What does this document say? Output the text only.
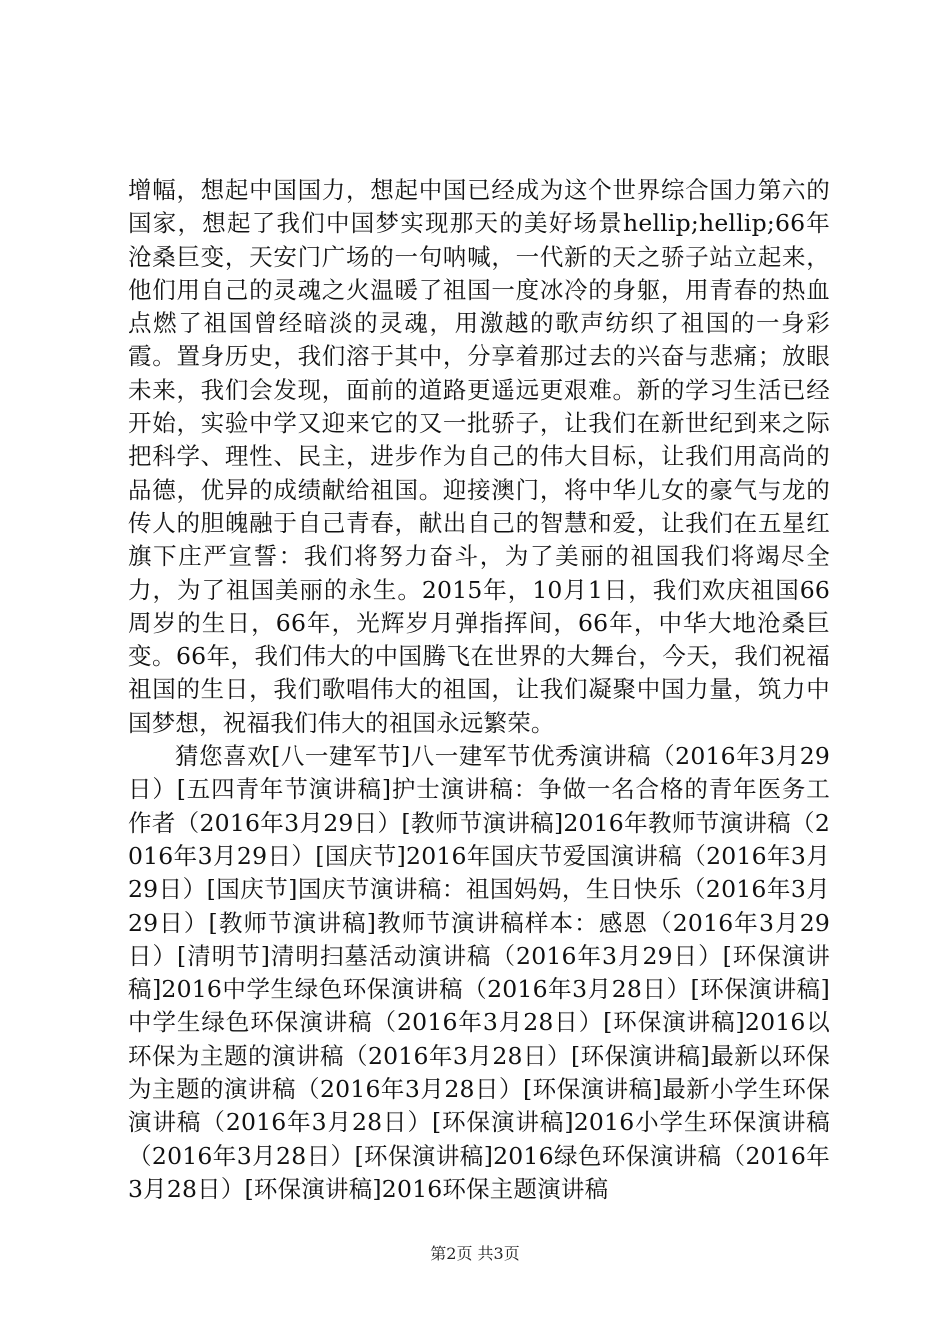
增幅，想起中国国力，想起中国已经成为这个世界综合国力第六的国家，想起了我们中国梦实现那天的美好场景hellip;hellip;66年沧桑巨变，天安门广场的一句呐喊，一代新的天之骄子站立起来，他们用自己的灵魂之火温暖了祖国一度冰冷的身躯，用青春的热血点燃了祖国曾经暗淡的灵魂，用激越的歌声纺织了祖国的一身彩霞。置身历史，我们溶于其中，分享着那过去的兴奋与悲痛；放眼未来，我们会发现，面前的道路更遥远更艰难。新的学习生活已经开始，实验中学又迎来它的又一批骄子，让我们在新世纪到来之际把科学、理性、民主，进步作为自己的伟大目标，让我们用高尚的品德，优异的成绩献给祖国。迎接澳门，将中华儿女的豪气与龙的传人的胆魄融于自己青春，献出自己的智慧和爱，让我们在五星红旗下庄严宣誓：我们将努力奋斗，为了美丽的祖国我们将竭尽全力，为了祖国美丽的永生。2015年，10月1日，我们欢庆祖国66周岁的生日，66年，光辉岁月弹指挥间，66年，中华大地沧桑巨变。66年，我们伟大的中国腾飞在世界的大舞台，今天，我们祝福祖国的生日，我们歌唱伟大的祖国，让我们凝聚中国力量，筑力中国梦想，祝福我们伟大的祖国永远繁荣。

猜您喜欢[八一建军节]八一建军节优秀演讲稿（2016年3月29日）[五四青年节演讲稿]护士演讲稿：争做一名合格的青年医务工作者（2016年3月29日）[教师节演讲稿]2016年教师节演讲稿（2016年3月29日）[国庆节]2016年国庆节爱国演讲稿（2016年3月29日）[国庆节]国庆节演讲稿：祖国妈妈，生日快乐（2016年3月29日）[教师节演讲稿]教师节演讲稿样本：感恩（2016年3月29日）[清明节]清明扫墓活动演讲稿（2016年3月29日）[环保演讲稿]2016中学生绿色环保演讲稿（2016年3月28日）[环保演讲稿]中学生绿色环保演讲稿（2016年3月28日）[环保演讲稿]2016以环保为主题的演讲稿（2016年3月28日）[环保演讲稿]最新以环保为主题的演讲稿（2016年3月28日）[环保演讲稿]最新小学生环保演讲稿（2016年3月28日）[环保演讲稿]2016小学生环保演讲稿（2016年3月28日）[环保演讲稿]2016绿色环保演讲稿（2016年3月28日）[环保演讲稿]2016环保主题演讲稿

第2页 共3页
